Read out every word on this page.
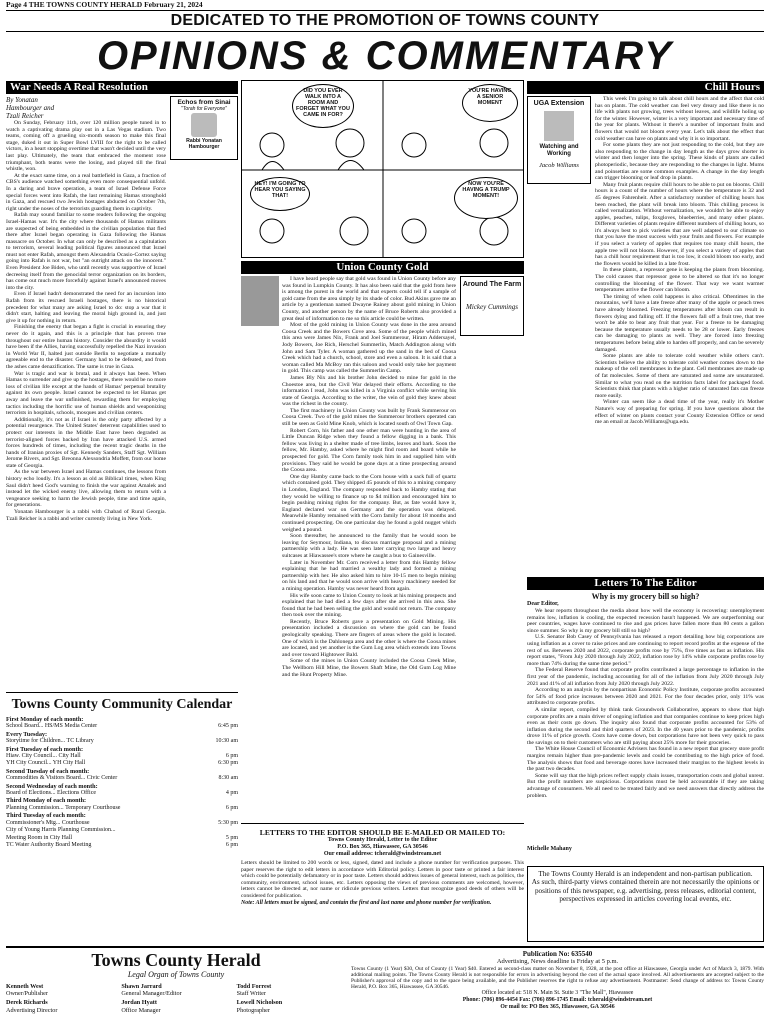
Page 4 THE TOWNS COUNTY HERALD February 21, 2024
DEDICATED TO THE PROMOTION OF TOWNS COUNTY
OPINIONS & COMMENTARY
War Needs A Real Resolution
Echos from Sinai
"Torah for Everyone"
Rabbi Yonatan Hambourger
By Yonatan Hambourger and Tzali Reicher

On Sunday, February 11th, over 120 million people tuned in to watch a captivating drama play out in a Las Vegas stadium. Two teams, coming off a grueling six-month season to make this final stage, duked it out in Super Bowl LVIII for the right to be called victors, in a heart stopping overtime that wasn't decided until the very last play. Ultimately, the team that embraced the moment rose triumphant, both teams were the losing, and played till the final whistle, won.

At the exact same time, on a real battlefield in Gaza, a fraction of CBS's audience watched something even more consequential unfold. In a daring and brave operation, a team of Israel Defense Force special forces went into Rafah, the last remaining Hamas stronghold in Gaza, and rescued two Jewish hostages abducted on October 7th, right under the noses of the terrorists guarding them in captivity.

Rafah may sound familiar to some readers following the ongoing Israel-Hamas war. It's the city where thousands of Hamas militants are suspected of being embedded in the civilian population that fled there after Israel began operating in Gaza following the Hamas massacre on October. In what can only be described as a capitulation to terrorism, several leading political figures announced that Israel must not enter Rafah, amongst them Alexandria Ocasio-Cortez saying going into Rafah is not war, but "an outright attack on the innocent." Even President Joe Biden, who until recently was supportive of Israel decreeing itself from the genocidal terror organization on its borders, has come out much more forcefully against Israel's announced moves into the city.

Even if Israel hadn't demonstrated the need for an incursion into Rafah from its rescued Israeli hostages, there is no historical precedent for what many are asking Israel to do: stop a war that it didn't start, halting and leaving the moral high ground in, and just give it up for nothing in return.

Finishing the enemy that began a fight is crucial in ensuring they never do it again, and this is a principle that has proven true throughout our entire human history. Consider the absurdity it would have been if the Allies, having successfully repelled the Nazi invasion in World War II, halted just outside Berlin to negotiate a mutually agreeable end to the disaster. Germany had to be defeated, and from the ashes came denazification. The same is true in Gaza.

War is tragic and war is brutal, and it always has been. When Hamas to surrender and give up the hostages, there would be no more loss of civilian life except at the hands of Hamas' perpetual brutality against its own people. Israel cannot be expected to let Hamas get away and leave the war unfinished, rewarding them for employing tactics including the horrific use of human shields and weaponizing terrorists in hospitals, schools, mosques and civilian centers.

Additionally, it's not as if Israel is the only party affected by a potential resurgence. The United States' deterrent capabilities used to protect our interests in the Middle East have been degraded as terrorist-aligned forces backed by Iran have attacked U.S. armed forces hundreds of times, including the recent tragic deaths in the hands of Iranian proxies of Sgt. Kennedy Sanders, Staff Sgt. William Jerome Rivers, and Sgt. Breonna Alexsondria Moffett, from our home state of Georgia.

As the war between Israel and Hamas continues, the lessons from history echo loudly. It's a lesson as old as Biblical times, when King Saul didn't heed God's warning to finish the war against Amalek and instead let the wicked enemy live, allowing them to return with a vengeance seeking to harm the Jewish people, time and time again, for generations.

Yonatan Hambourger is a rabbi with Chabad of Rural Georgia. Tzali Reicher is a rabbi and writer currently living in New York.

Towns County Community Calendar
First Monday of each month:
School Board... HS/MS Media Center	6:45 pm
Every Tuesday:
Storytime for Children... TC Library	10:30 am
First Tuesday of each month:
Hiaw. City Council... City Hall	6 pm
YH City Council... YH City Hall	6:30 pm
Second Tuesday of each month:
Commodities & Visitors Board... Civic Center	8:30 am
Second Wednesday of each month:
Board of Elections... Elections Office	4 pm
Third Monday of each month:
Planning Commission... Temporary Courthouse	6 pm
Third Tuesday of each month:
Commissioner's Mtg... Courthouse	5:30 pm
City of Young Harris Planning Commission...
Meeting Room in City Hall	5 pm
TC Water Authority Board Meeting	6 pm
DID YOU EVER WALK INTO A ROOM AND FORGET WHAT YOU CAME IN FOR?
HEY! I'M GOING TO HEAR YOU SAYING THAT!
YOU'RE HAVING A SENIOR MOMENT
NOW YOU'RE HAVING A TRUMP MOMENT!
Union County Gold
Around The Farm
Mickey Cummings

I have heard people say that gold was found in Union County before any was found in Lumpkin County. It has also been said that the gold from here is among the purest in the world and that experts could tell if a sample of gold came from the area simply by its shade of color. Bud Akins gave me an article by a gentleman named Dwayne Rainey about gold mining in Union County, and another person by the name of Bruce Roberts also provided a great deal of information to me so this article could be written.

Most of the gold mining in Union County was done in the area around Coosa Creek and the Bowers Cove area. Some of the people which mined this area were James Nix, Frank and Joel Summerour, Hiram Addersayel, Jody Bowers, Joe Rich, Herschel Summerlin, Match Addington along with John and Sam Tyler. A woman gathered up the sand in the bed of Coosa Creek which had a church, school, store and even a saloon. It is said that a woman called Ma McBoy ran this saloon and would only take her payment in gold. This camp was called the Summerlin Camp.

James Bly Nix and his brother John decided to mine for gold in the Choestoe area, but the Civil War delayed their efforts. According to the information I read, John was killed in a Virginia conflict while serving his state of Georgia. According to the writer, the vein of gold they knew about was the richest in the county.

The first machinery in Union County was built by Frank Summerour on Coosa Creek. Two of the gold mines the Summerour brothers operated can still be seen as Gold Mine Knob, which is located south of Owl Town Gap.

Robert Corn, his father and one other man were hunting in the area of Little Duncan Ridge when they found a fellow digging in a bank. This fellow was living in a shelter made of tree limbs, leaves and bark. Soon the fellow, Mr. Hamby, asked where he might find room and board while he prospected for gold. The Corn family took him in and supplied him with provisions. They said he would be gone days at a time prospecting around the Coosa area.

One day Hamby came back to the Corn house with a sack full of quartz which contained gold. They shipped 45 pounds of this to a mining company in London, England. The company responded back to Hamby stating that they would be willing to finance up to $4 million and encouraged him to begin pushing mining rights for the company. But, as fate would have it, England declared war on Germany and the operation was delayed. Meanwhile Hamby remained with the Corn family for about 18 months and continued prospecting. On one particular day he found a gold nugget which weighed a pound.

Soon thereafter, he announced to the family that he would soon be leaving for Seymour, Indiana, to discuss marriage proposal and a mining partnership with a lady. He was seen later carrying two large and heavy suitcases at Hiawassee's store where he caught a bus to Gainesville.

Later in November Mr. Corn received a letter from this Hamby fellow explaining that he had married a wealthy lady and formed a mining partnership with her. He also asked him to hire 10-15 men to begin mining on his land and that he would soon arrive with heavy machinery needed for a mining operation. Hamby was never heard from again.

His wife soon came to Union County to look at his mining prospects and explained that he had died a few days after she arrived in this area. She found that he had been selling the gold and would not return. The company then took over the mining.

Recently, Bruce Roberts gave a presentation on Gold Mining. His presentation included a discussion on where the gold can be found geologically speaking. There are fingers of areas where the gold is located. One of which is the Dahlonega area and the other is where the Coosa mines are located, and yet another is the Gum Log area which extends into Towns and over toward Hightower Bald.

Some of the mines in Union County included the Coosa Creek Mine, The Wellborn Hill Mine, the Bowers Shaft Mine, the Old Gum Log Mine and the Hunt Property Mine.

LETTERS TO THE EDITOR SHOULD BE E-MAILED OR MAILED TO:
Towns County Herald, Letter to the Editor
P.O. Box 365, Hiawassee, GA 30546
Our email address: tcherald@windstream.net
Letters should be limited to 200 words or less, signed, dated and include a phone number for verification purposes. This paper reserves the right to edit letters in accordance with Editorial policy. Letters in poor taste or printed a fair interest which could be potentially defamatory or in poor taste. Letters should address issues of general interest, such as politics, the community, environment, school issues, etc. Letters opposing the views of previous comments are welcomed, however, letters cannot be directed at, nor name or ridicule previous writers. Letters that recognize good deeds of others will be considered for publication.
Note: All letters must be signed, and contain the first and last name and phone number for verification.
Chill Hours
UGA Extension
Watching and Working
Jacob Williams

This week I'm going to talk about chill hours and the affect that cold has on plants. The cold weather can feel very dreary and like there is no life with plants not growing, trees without leaves, and wildlife holing up for the winter. However, winter is a very important and necessary time of the year for plants. Without it there's a number of important fruits and flowers that would not bloom every year. Let's talk about the effect that cold weather can have on plants and why it is so important.

For some plants they are not just responding to the cold, but they are also responding to the change in day length as the days grow shorter in winter and then longer into the spring. These kinds of plants are called photoperiodic, because they are responding to the changes in light. Mums and poinsettias are some common examples. A change in the day length can trigger blooming or leaf drop in plants.

Many fruit plants require chill hours to be able to put on blooms. Chill hours is a count of the number of hours where the temperature is 32 and 45 degrees Fahrenheit. After a satisfactory number of chilling hours has been reached, the plant will break into bloom. This chilling process is called vernalization. Without vernalization, we wouldn't be able to enjoy apples, peaches, tulips, foxgloves, blueberries, and many other plants. Different varieties of plants require different numbers of chilling hours, so it's always best to pick varieties that are well adapted to our climate so that you have the most success with your fruits and flowers. For example if you select a variety of apples that requires too many chill hours, the apple tree will not bloom. However, if you select a variety of apples that has a chill hour requirement that is too low, it could bloom too early, and the flowers would be killed in a late frost.

In these plants, a repressor gene is keeping the plants from blooming. The cold causes that repressor gene to be altered so that it's no longer controlling the blooming of the flower. That way we want warmer temperatures arrive the flower can bloom.

The timing of when cold happens is also critical. Oftentimes in the mountains, we'll have a late freeze after many of the apple or peach trees have already bloomed. Freezing temperatures after bloom can result in flowers dying and falling off. If the flowers fall off a fruit tree, that tree won't be able to bear any fruit that year. For a freeze to be damaging because the temperature usually needs to be 28 or lower. Early freezes can be damaging to plants as well. They are forced into freezing temperatures before being able to harden off properly, and can be severely damaged.

Some plants are able to tolerate cold weather while others can't. Scientists believe the ability to tolerate cold weather comes down to the makeup of the cell membranes in the plant. Cell membranes are made up of fat molecules. Some of them are saturated and some are unsaturated. Similar to what you read on the nutrition facts label for packaged food. Scientists think that plants with a higher ratio of saturated fats can freeze more easily.

Winter can seem like a dead time of the year, really it's Mother Nature's way of preparing for spring. If you have questions about the effect of winter on plants contact your County Extension Office or send me an email at Jacob.Williams@uga.edu.

Letters To The Editor
Why is my grocery bill so high?
Dear Editor,

We hear reports throughout the media about how well the economy is recovering: unemployment remains low, inflation is cooling, the expected recession hasn't happened. We are outperforming our peer countries, wages have continued to rise and gas prices have fallen more than 80 cents a gallon since summer. So why is my grocery bill still so high?

U.S. Senator Bob Casey of Pennsylvania has released a report detailing how big corporations are using inflation as a cover to raise prices and are continuing to report record profits at the expense of the rest of us. Between 2020 and 2022, corporate profits rose by 75%, five times as fast as inflation. His report states, "From July 2020 through July 2022, inflation rose by 14% while corporate profits rose by more than 74% during the same time period."

The Federal Reserve found that corporate profits contributed a large percentage to inflation in the first year of the pandemic, including accounting for all of the inflation from July 2020 through July 2021 and 41% of all inflation from July 2020 through July 2022.

According to an analysis by the nonpartisan Economic Policy Institute, corporate profits accounted for 54% of food price increases between 2020 and 2021. For the four decades prior, only 11% was attributed to corporate profits.

A similar report, compiled by think tank Groundwork Collaborative, appears to show that high corporate profits are a main driver of ongoing inflation and that companies continue to keep prices high even as their costs go down. The inquiry also found that corporate profits accounted for 53% of inflation during the second and third quarters of 2023. In the 40 years prior to the pandemic, profits drove 11% of price growth. Costs have come down, but corporations have not been very quick to pass the savings on to their customers who are still paying about 25% more for their groceries.

The White House Council of Economic Advisers has found in a new report that grocery store profit margins remain higher than pre-pandemic levels and could be contributing to the high price of food. The analysis shows that food and beverage stores have increased their margins to the highest levels in the past two decades.

Some will say that the high prices reflect supply chain issues, transportation costs and global unrest. But the profit numbers are suspicious. Corporations must be held accountable if they are taking advantage of consumers. We all need to be treated fairly and we need answers that directly address the problem.

Michelle Mahany
The Towns County Herald is an independent and non-partisan publication.
As such, third-party views contained therein are not necessarily the opinions or positions of this newspaper, e.g. advertising, press releases, editorial content, perspectives expressed in articles covering local events, etc.
Towns County Herald
Legal Organ of Towns County
Kenneth West
Owner/Publisher
Shawn Jarrard
General Manager/Editor
Todd Forrest
Staff Writer
Derek Richards
Advertising Director
Jordan Hyatt
Office Manager
Lowell Nicholson
Photographer
Publication No: 635540
Advertising, News deadline is Friday at 5 p.m.
Towns County (1 Year) $30, Out of County (1 Year) $40. Entered as second-class matter on November 8, 1928, at the post office at Hiawassee, Georgia under Act of March 3, 1879. With additional mailing points. The Towns County Herald is not responsible for errors in advertising beyond the cost of the actual space involved. All advertisements are accepted subject to the Publisher's approval of the copy and to the space being available, and the Publisher reserves the right to refuse any advertisement. Postmaster: Send change of address to: Towns County Herald, P.O. Box 365, Hiawassee, GA 30546.
Office located at: 518 N. Main St. Suite 3 "The Mall", Hiawassee
Phone: (706) 896-4454 Fax: (706) 896-1745 Email: tcherald@windstream.net
Or mail to: PO Box 365, Hiawassee, GA 30546
